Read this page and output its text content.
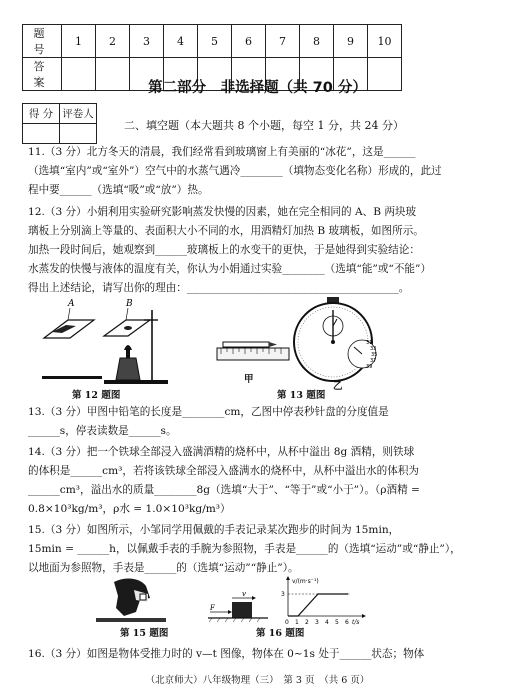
题 号	1	2	3	4	5	6	7	8	9	10
答 案											第二部分　非选择题（共 70 分）
得 分	评卷人

二、填空题（本大题共 8 个小题，每空 1 分，共 24 分）
11.（3 分）北方冬天的清晨，我们经常看到玻璃窗上有美丽的“冰花”，这是______
（选填“室内”或“室外”）空气中的水蒸气遇冷________（填物态变化名称）形成的，此过
程中要______（选填“吸”或“放”）热。
12.（3 分）小娟利用实验研究影响蒸发快慢的因素，她在完全相同的 A、B 两块玻
璃板上分别滴上等量的、表面积大小不同的水，用酒精灯加热 B 玻璃板，如图所示。
加热一段时间后，她观察到______玻璃板上的水变干的更快，于是她得到实验结论：
水蒸发的快慢与液体的温度有关，你认为小娟通过实验________（选填“能”或“不能”）
得出上述结论，请写出你的理由：________________________________________。
A	B
第 12 题图
甲
31
33
35
37
39
乙
第 13 题图
13.（3 分）甲图中铅笔的长度是________cm，乙图中停表秒针盘的分度值是
______s，停表读数是______s。
14.（3 分）把一个铁球全部浸入盛满酒精的烧杯中，从杯中溢出 8g 酒精，则铁球
的体积是______cm³，若将该铁球全部浸入盛满水的烧杯中，从杯中溢出水的体积为
______cm³，溢出水的质量________8g（选填“大于”、“等于”或“小于”）。（ρ酒精 =
0.8×10³kg/m³，ρ水 = 1.0×10³kg/m³）
15.（3 分）如图所示，小邹同学用佩戴的手表记录某次跑步的时间为 15min，
15min = ______h，以佩戴手表的手腕为参照物，手表是______的（选填“运动”或“静止”），
以地面为参照物，手表是______的（选填“运动”“静止”）。
第 15 题图
v
F
v/(m·s⁻¹)
3
t/s
0 1 2 3 4 5 6
第 16 题图
16.（3 分）如图是物体受推力时的 v—t 图像，物体在 0~1s 处于______状态；物体
（北京师大）八年级物理（三）　第 3 页　（共 6 页）
